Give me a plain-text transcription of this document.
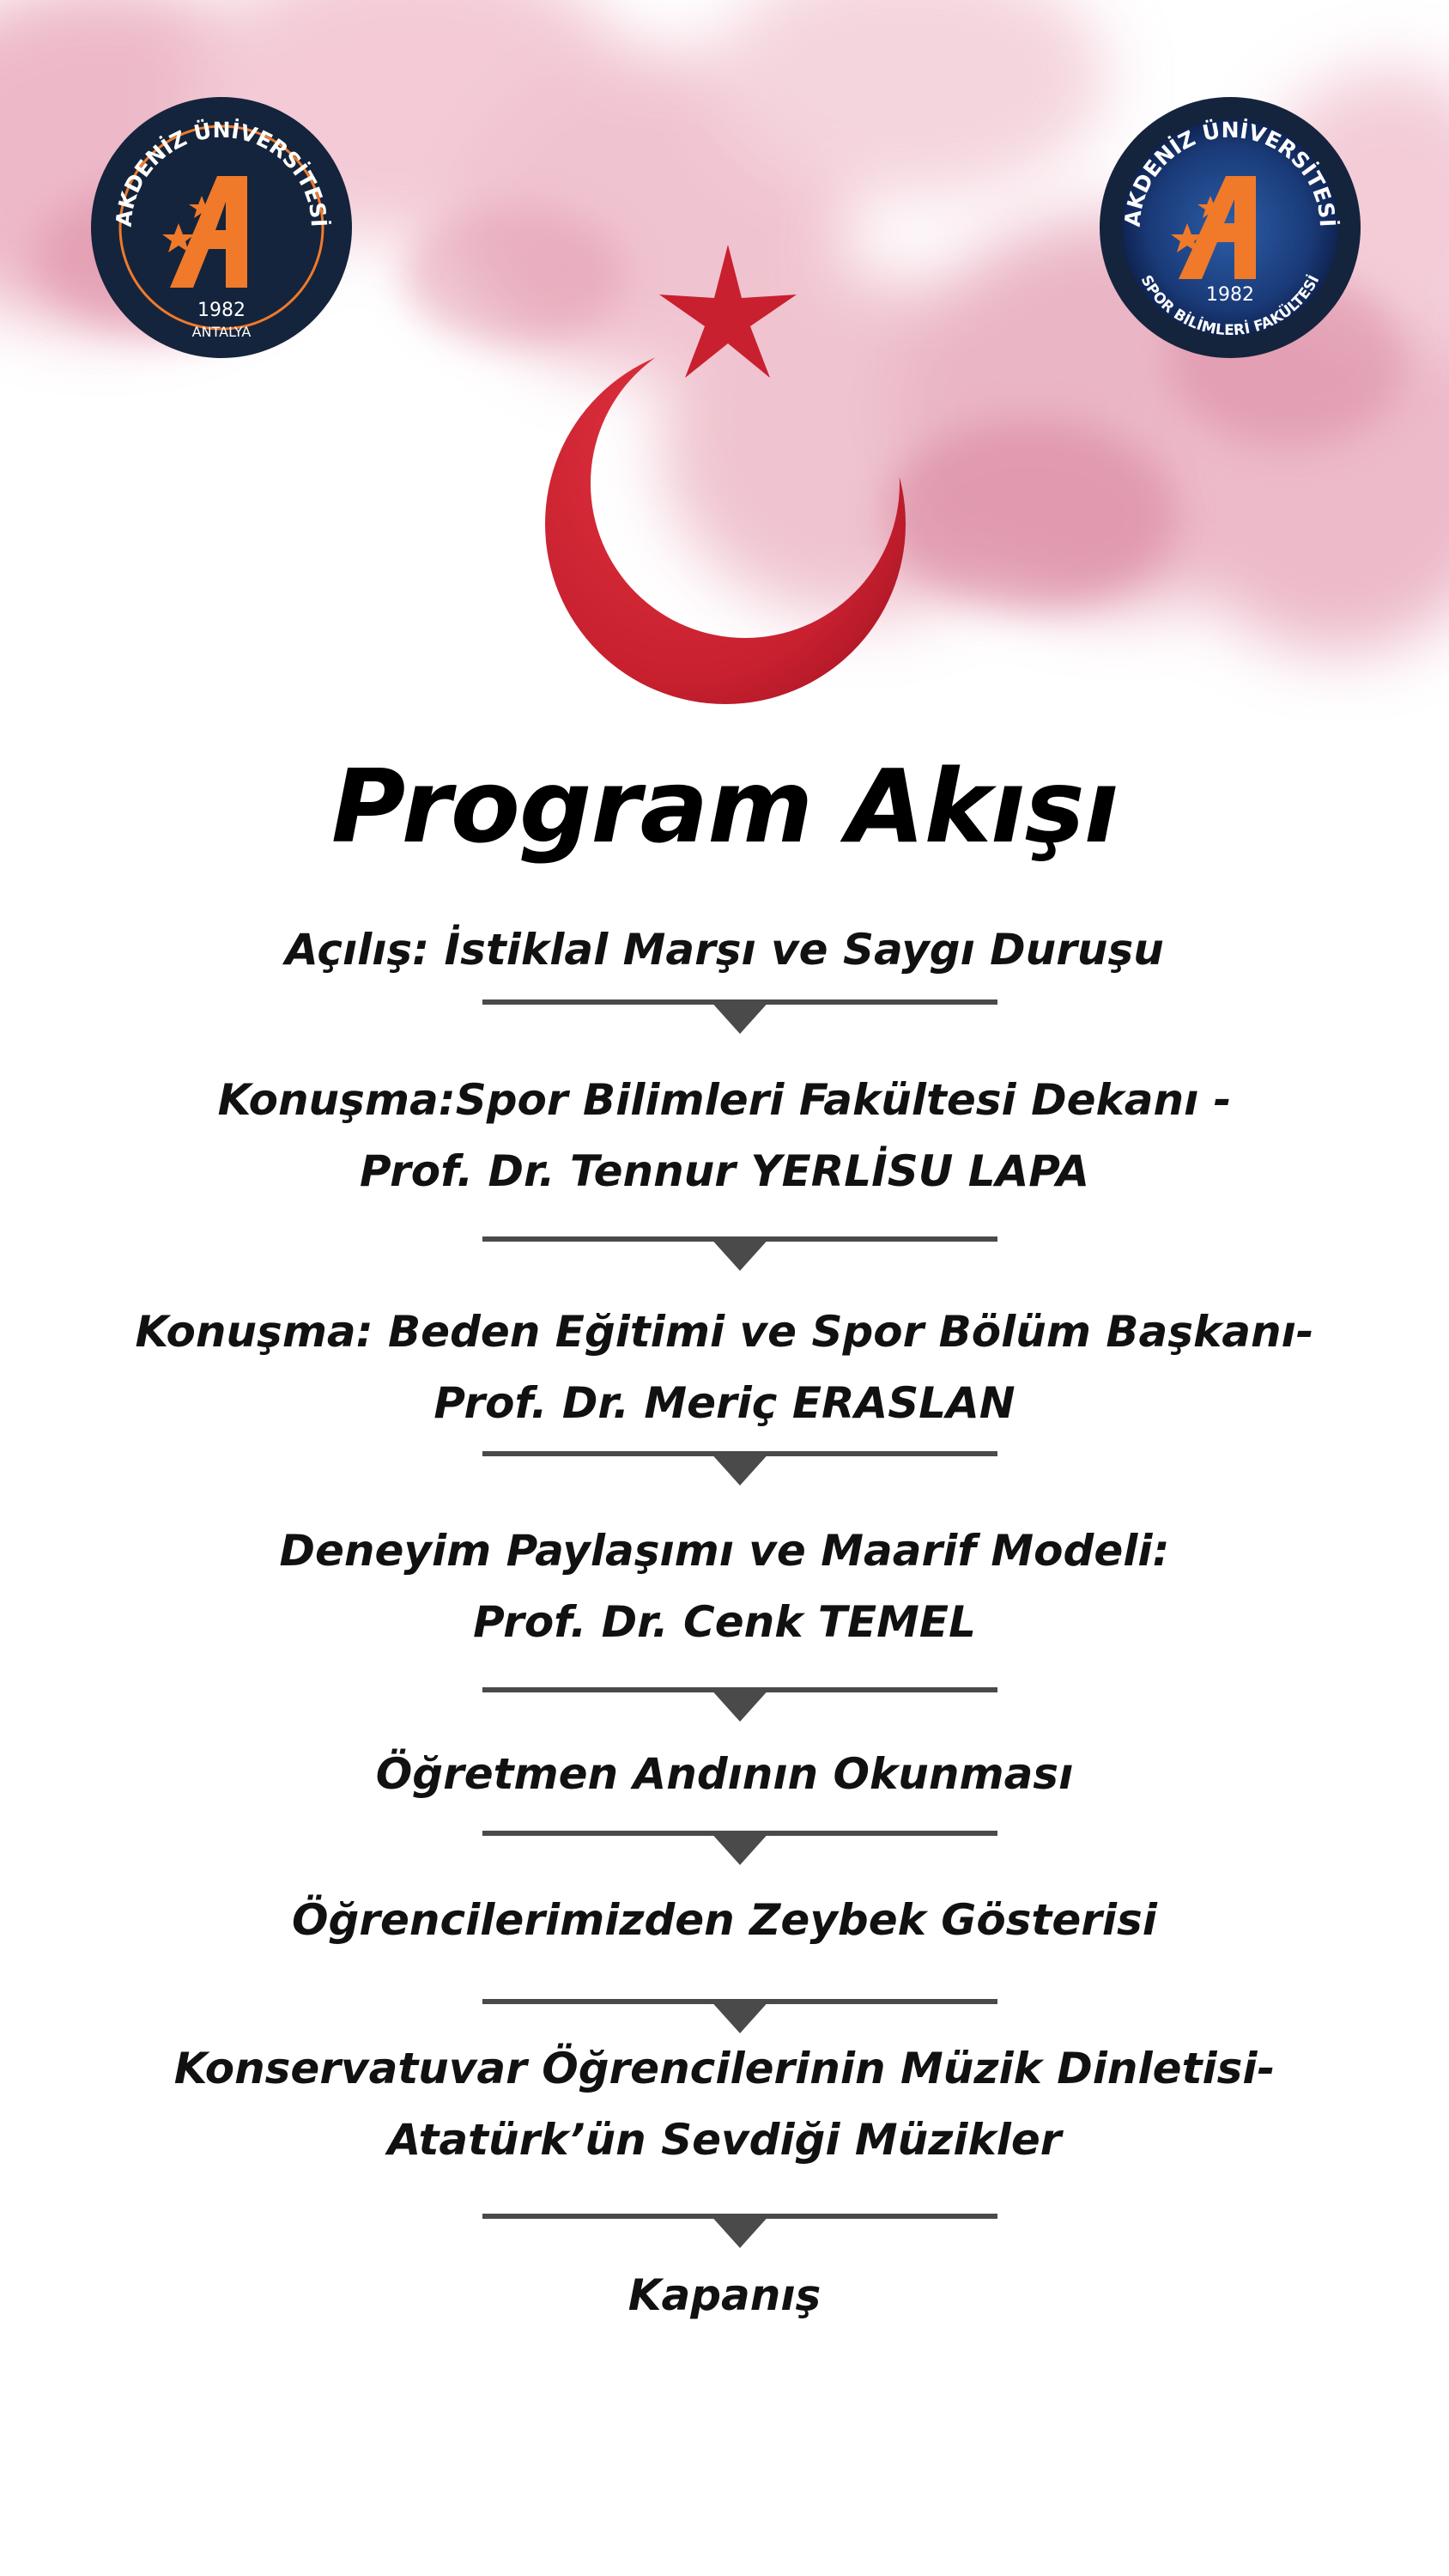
AKDENİZ ÜNİVERSİTESİ
1982
ANTALYA
AKDENİZ ÜNİVERSİTESİ
1982
SPOR BİLİMLERİ FAKÜLTESİ
Program Akışı
Açılış: İstiklal Marşı ve Saygı Duruşu
Konuşma:Spor Bilimleri Fakültesi Dekanı -
Prof. Dr. Tennur YERLİSU LAPA
Konuşma: Beden Eğitimi ve Spor Bölüm Başkanı-
Prof. Dr. Meriç ERASLAN
Deneyim Paylaşımı ve Maarif Modeli:
Prof. Dr. Cenk TEMEL
Öğretmen Andının Okunması
Öğrencilerimizden Zeybek Gösterisi
Konservatuvar Öğrencilerinin Müzik Dinletisi-
Atatürk’ün Sevdiği Müzikler
Kapanış
